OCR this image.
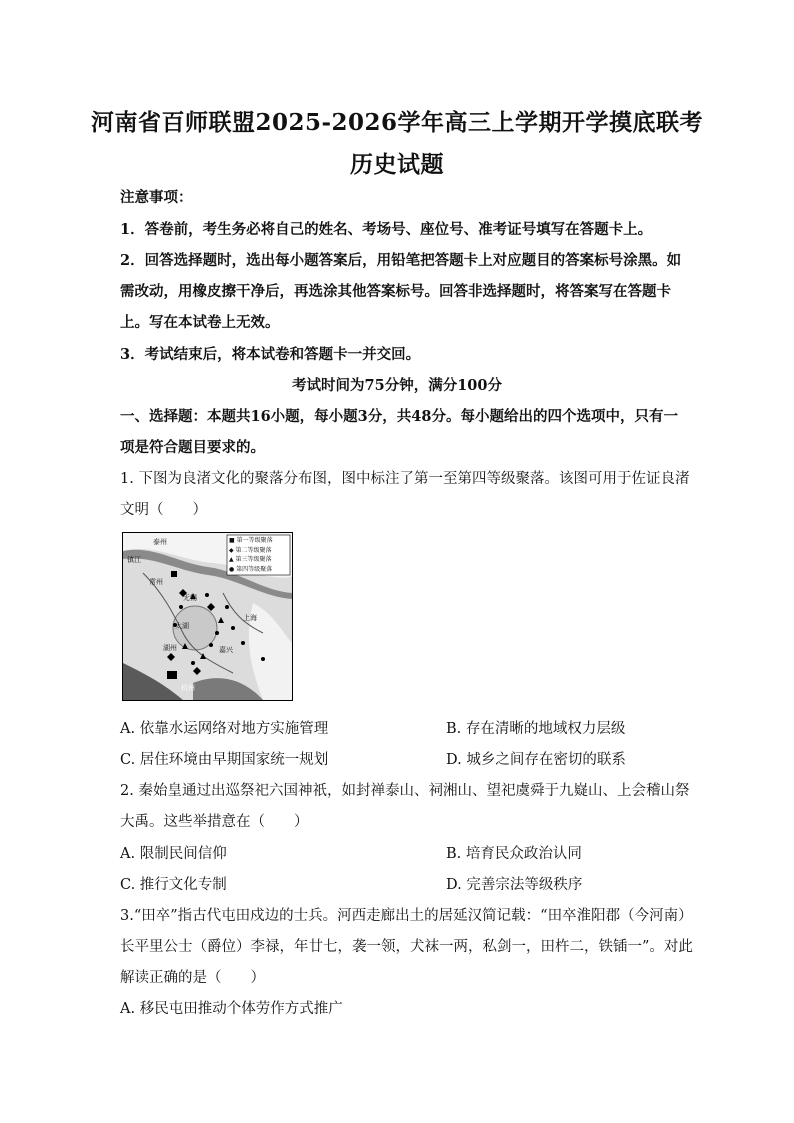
河南省百师联盟2025-2026学年高三上学期开学摸底联考
历史试题
注意事项：
1．答卷前，考生务必将自己的姓名、考场号、座位号、准考证号填写在答题卡上。
2．回答选择题时，选出每小题答案后，用铅笔把答题卡上对应题目的答案标号涂黑。如
需改动，用橡皮擦干净后，再选涂其他答案标号。回答非选择题时，将答案写在答题卡
上。写在本试卷上无效。
3．考试结束后，将本试卷和答题卡一并交回。
考试时间为75分钟，满分100分
一、选择题：本题共16小题，每小题3分，共48分。每小题给出的四个选项中，只有一
项是符合题目要求的。
1. 下图为良渚文化的聚落分布图，图中标注了第一至第四等级聚落。该图可用于佐证良渚
文明（　　）
■ 第一等级聚落
◆ 第二等级聚落
▲ 第三等级聚落
● 第四等级聚落
泰州
镇江
常州
无锡
太湖
上海
嘉兴
湖州
杭州
A. 依靠水运网络对地方实施管理	B. 存在清晰的地域权力层级
C. 居住环境由早期国家统一规划	D. 城乡之间存在密切的联系
2. 秦始皇通过出巡祭祀六国神祇，如封禅泰山、祠湘山、望祀虞舜于九嶷山、上会稽山祭
大禹。这些举措意在（　　）
A. 限制民间信仰	B. 培育民众政治认同
C. 推行文化专制	D. 完善宗法等级秩序
3.“田卒”指古代屯田戍边的士兵。河西走廊出土的居延汉简记载：“田卒淮阳郡（今河南）
长平里公士（爵位）李禄，年廿七，袭一领，犬袜一两，私剑一，田杵二，铁锸一”。对此
解读正确的是（　　）
A. 移民屯田推动个体劳作方式推广
